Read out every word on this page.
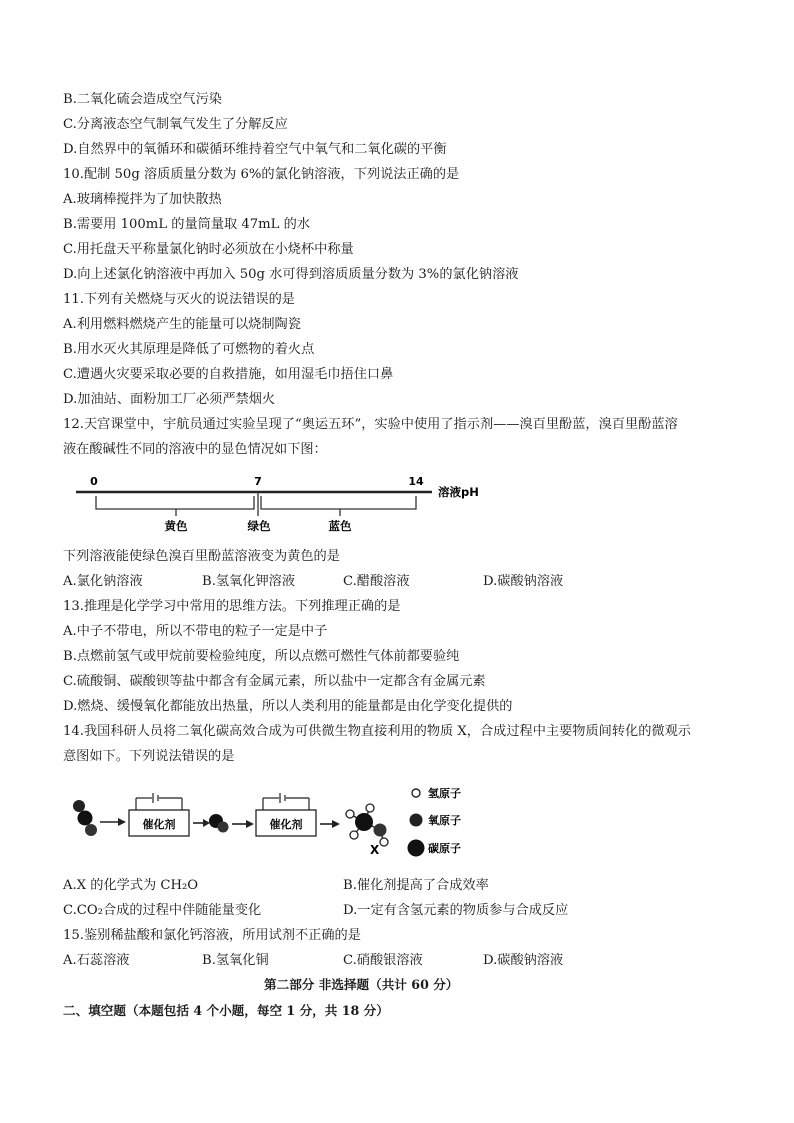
B.二氧化硫会造成空气污染
C.分离液态空气制氧气发生了分解反应
D.自然界中的氧循环和碳循环维持着空气中氧气和二氧化碳的平衡
10.配制 50g 溶质质量分数为 6%的氯化钠溶液，下列说法正确的是
A.玻璃棒搅拌为了加快散热
B.需要用 100mL 的量筒量取 47mL 的水
C.用托盘天平称量氯化钠时必须放在小烧杯中称量
D.向上述氯化钠溶液中再加入 50g 水可得到溶质质量分数为 3%的氯化钠溶液
11.下列有关燃烧与灭火的说法错误的是
A.利用燃料燃烧产生的能量可以烧制陶瓷
B.用水灭火其原理是降低了可燃物的着火点
C.遭遇火灾要采取必要的自救措施，如用湿毛巾捂住口鼻
D.加油站、面粉加工厂必须严禁烟火
12.天宫课堂中，宇航员通过实验呈现了“奥运五环”，实验中使用了指示剂——溴百里酚蓝，溴百里酚蓝溶
液在酸碱性不同的溶液中的显色情况如下图：
0	7	14
溶液pH
黄色	绿色	蓝色
下列溶液能使绿色溴百里酚蓝溶液变为黄色的是
A.氯化钠溶液	B.氢氧化钾溶液	C.醋酸溶液	D.碳酸钠溶液
13.推理是化学学习中常用的思维方法。下列推理正确的是
A.中子不带电，所以不带电的粒子一定是中子
B.点燃前氢气或甲烷前要检验纯度，所以点燃可燃性气体前都要验纯
C.硫酸铜、碳酸钡等盐中都含有金属元素，所以盐中一定都含有金属元素
D.燃烧、缓慢氧化都能放出热量，所以人类利用的能量都是由化学变化提供的
14.我国科研人员将二氧化碳高效合成为可供微生物直接利用的物质 X，合成过程中主要物质间转化的微观示
意图如下。下列说法错误的是
催化剂	催化剂
X
氢原子
氧原子
碳原子
A.X 的化学式为 CH₂O	B.催化剂提高了合成效率
C.CO₂合成的过程中伴随能量变化	D.一定有含氢元素的物质参与合成反应
15.鉴别稀盐酸和氯化钙溶液，所用试剂不正确的是
A.石蕊溶液	B.氢氧化铜	C.硝酸银溶液	D.碳酸钠溶液
第二部分 非选择题（共计 60 分）
二、填空题（本题包括 4 个小题，每空 1 分，共 18 分）
